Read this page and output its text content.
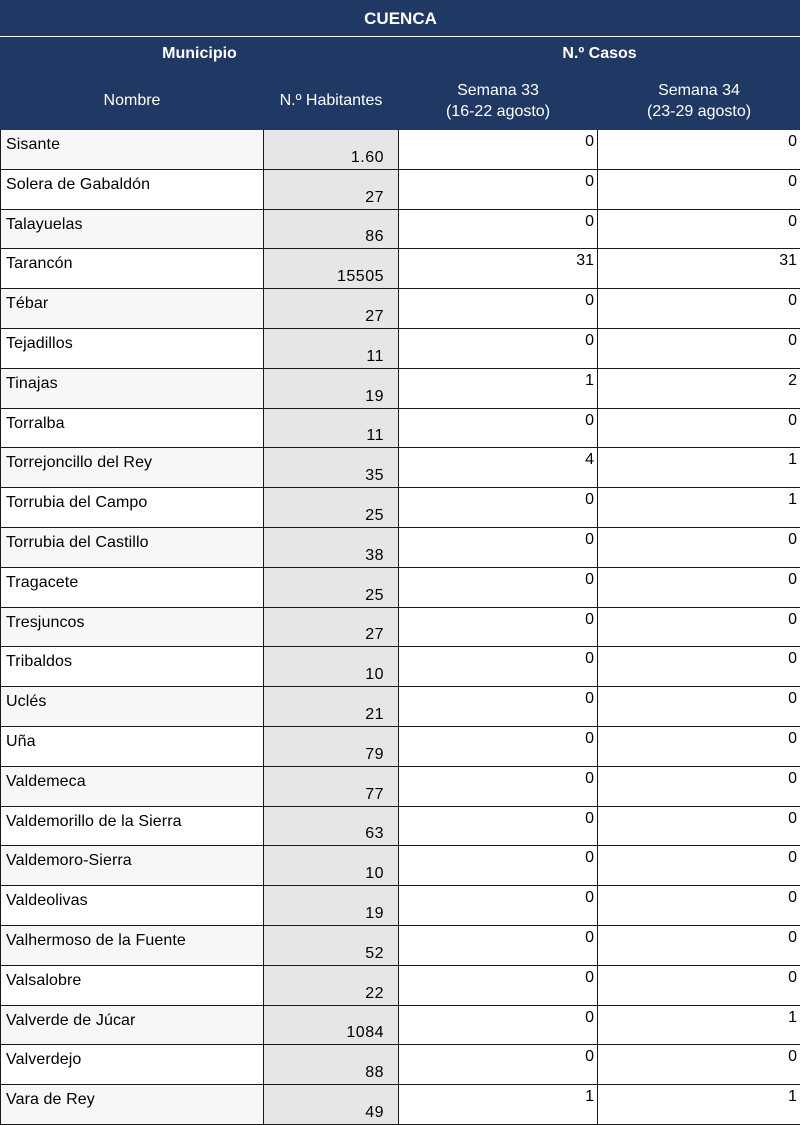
CUENCA			
Municipio		N.º Casos	
Nombre	N.º Habitantes	Semana 33
(16-22 agosto)	Semana 34
(23-29 agosto)
Sisante	1.60	0	0
Solera de Gabaldón	27	0	0
Talayuelas	86	0	0
Tarancón	15505	31	31
Tébar	27	0	0
Tejadillos	11	0	0
Tinajas	19	1	2
Torralba	11	0	0
Torrejoncillo del Rey	35	4	1
Torrubia del Campo	25	0	1
Torrubia del Castillo	38	0	0
Tragacete	25	0	0
Tresjuncos	27	0	0
Tribaldos	10	0	0
Uclés	21	0	0
Uña	79	0	0
Valdemeca	77	0	0
Valdemorillo de la Sierra	63	0	0
Valdemoro-Sierra	10	0	0
Valdeolivas	19	0	0
Valhermoso de la Fuente	52	0	0
Valsalobre	22	0	0
Valverde de Júcar	1084	0	1
Valverdejo	88	0	0
Vara de Rey	49	1	1
